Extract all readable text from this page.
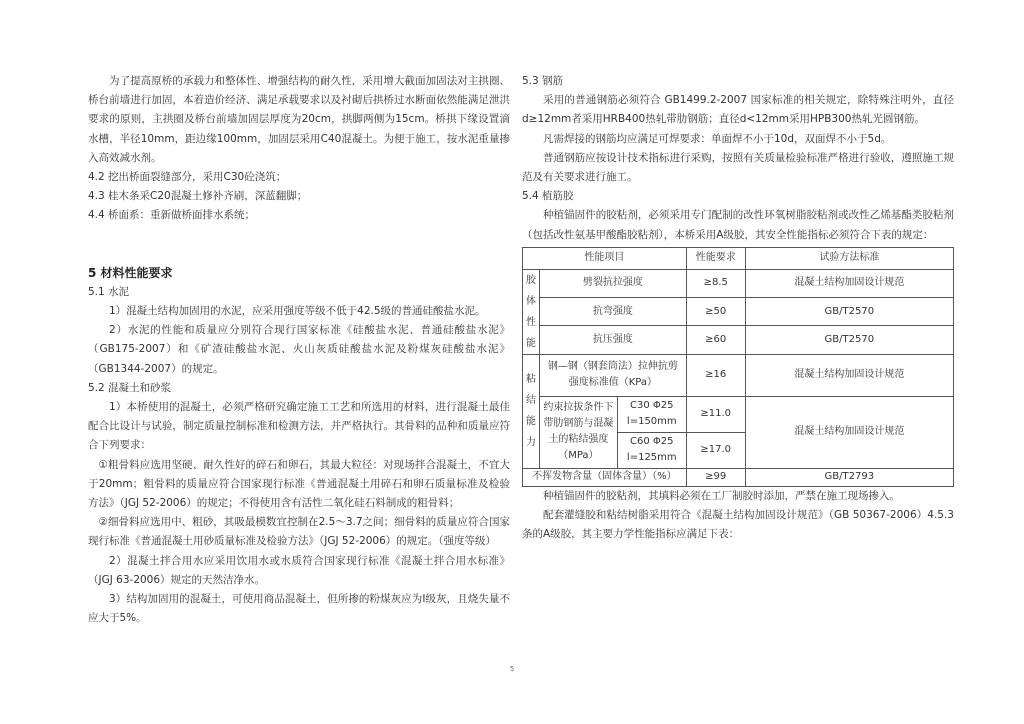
为了提高原桥的承载力和整体性、增强结构的耐久性，采用增大截面加固法对主拱圈、桥台前墙进行加固，本着造价经济、满足承载要求以及衬砌后拱桥过水断面依然能满足泄洪要求的原则，主拱圈及桥台前墙加固层厚度为20cm，拱脚两侧为15cm。桥拱下缘设置滴水槽，半径10mm，距边缘100mm，加固层采用C40混凝土。为便于施工，按水泥重量掺入高效减水剂。

4.2 挖出桥面裂缝部分，采用C30砼浇筑；

4.3 桂木条采C20混凝土修补齐刷，深蓝翻脚；

4.4 桥面系：重新做桥面排水系统；

5 材料性能要求

5.1 水泥

1）混凝土结构加固用的水泥，应采用强度等级不低于42.5级的普通硅酸盐水泥。

2）水泥的性能和质量应分别符合现行国家标准《硅酸盐水泥、普通硅酸盐水泥》（GB175-2007）和《矿渣硅酸盐水泥、火山灰质硅酸盐水泥及粉煤灰硅酸盐水泥》（GB1344-2007）的规定。

5.2 混凝土和砂浆

1）本桥使用的混凝土，必须严格研究确定施工工艺和所选用的材料，进行混凝土最佳配合比设计与试验，制定质量控制标准和检测方法，并严格执行。其骨料的品种和质量应符合下列要求：

①粗骨料应选用坚硬、耐久性好的碎石和卵石，其最大粒径：对现场拌合混凝土，不宜大于20mm；粗骨料的质量应符合国家现行标准《普通混凝土用碎石和卵石质量标准及检验方法》（JGJ 52-2006）的规定；不得使用含有活性二氧化硅石料制成的粗骨料；

②细骨料应选用中、粗砂，其吸最模数宜控制在2.5～3.7之间；细骨料的质量应符合国家现行标准《普通混凝土用砂质量标准及检验方法》（JGJ 52-2006）的规定。（强度等级）

2）混凝土拌合用水应采用饮用水或水质符合国家现行标准《混凝土拌合用水标准》（JGJ 63-2006）规定的天然洁净水。

3）结构加固用的混凝土，可使用商品混凝土，但所掺的粉煤灰应为Ⅰ级灰，且烧失量不应大于5%。

5.3 钢筋

采用的普通钢筋必须符合 GB1499.2-2007 国家标准的相关规定，除特殊注明外，直径d≥12mm者采用HRB400热轧带肋钢筋；直径d<12mm采用HPB300热轧光圆钢筋。

凡需焊接的钢筋均应满足可焊要求：单面焊不小于10d，双面焊不小于5d。

普通钢筋应按设计技术指标进行采购，按照有关质量检验标准严格进行验收，遵照施工规范及有关要求进行施工。

5.4 植筋胶

种植锚固件的胶粘剂，必须采用专门配制的改性环氧树脂胶粘剂或改性乙烯基酯类胶粘剂（包括改性氨基甲酸酯胶粘剂），本桥采用A级胶，其安全性能指标必须符合下表的规定：

性能项目			性能要求	试验方法标准
胶
体
性
能	劈裂抗拉强度		≥8.5	混凝土结构加固设计规范
	抗弯强度		≥50	GB/T2570
	抗压强度		≥60	GB/T2570
粘
结
能
力	钢—钢（钢套筒法）拉伸抗剪强度标准值（KPa）		≥16	混凝土结构加固设计规范
	约束拉拔条件下带肋钢筋与混凝土的粘结强度（MPa）	C30 Φ25
l=150mm	≥11.0	混凝土结构加固设计规范
		C60 Φ25
l=125mm	≥17.0	
不挥发物含量（固体含量）（%）			≥99	GB/T2793

种植锚固件的胶粘剂，其填料必须在工厂制胶时添加，严禁在施工现场掺入。

配套灌缝胶和粘结树脂采用符合《混凝土结构加固设计规范》（GB 50367-2006）4.5.3条的A级胶，其主要力学性能指标应满足下表：

5
